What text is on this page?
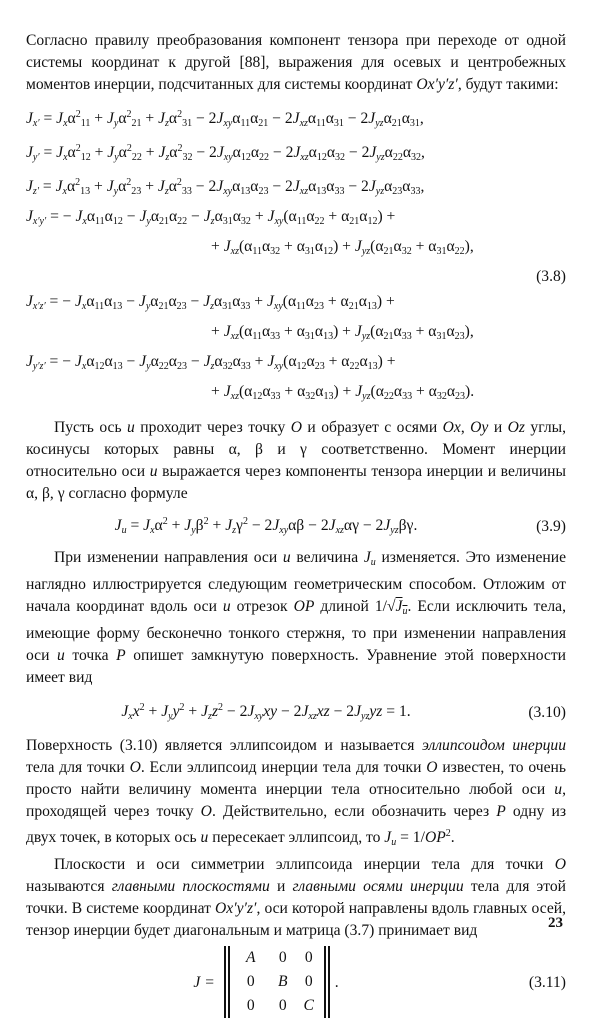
Согласно правилу преобразования компонент тензора при переходе от одной системы координат к другой [88], выражения для осевых и центробежных моментов инерции, подсчитанных для системы координат Ox′y′z′, будут такими:

$J_{x'} = J_x\alpha^2_{11} + J_y\alpha^2_{21} + J_z\alpha^2_{31} - 2J_{xy}\alpha_{11}\alpha_{21} - 2J_{xz}\alpha_{11}\alpha_{31} - 2J_{yz}\alpha_{21}\alpha_{31}$,
$J_{y'} = J_x\alpha^2_{12} + J_y\alpha^2_{22} + J_z\alpha^2_{32} - 2J_{xy}\alpha_{12}\alpha_{22} - 2J_{xz}\alpha_{12}\alpha_{32} - 2J_{yz}\alpha_{22}\alpha_{32}$,
$J_{z'} = J_x\alpha^2_{13} + J_y\alpha^2_{23} + J_z\alpha^2_{33} - 2J_{xy}\alpha_{13}\alpha_{23} - 2J_{xz}\alpha_{13}\alpha_{33} - 2J_{yz}\alpha_{23}\alpha_{33}$,
$J_{x'y'}$ = − $J_x\alpha_{11}\alpha_{12} - J_y\alpha_{21}\alpha_{22} - J_z\alpha_{31}\alpha_{32} + J_{xy}(\alpha_{11}\alpha_{22} + \alpha_{21}\alpha_{12})$ +
+ $J_{xz}(\alpha_{11}\alpha_{32} + \alpha_{31}\alpha_{12}) + J_{yz}(\alpha_{21}\alpha_{32} + \alpha_{31}\alpha_{22})$,
(3.8)
$J_{x'z'}$ = − $J_x\alpha_{11}\alpha_{13} - J_y\alpha_{21}\alpha_{23} - J_z\alpha_{31}\alpha_{33} + J_{xy}(\alpha_{11}\alpha_{23} + \alpha_{21}\alpha_{13})$ +
+ $J_{xz}(\alpha_{11}\alpha_{33} + \alpha_{31}\alpha_{13}) + J_{yz}(\alpha_{21}\alpha_{33} + \alpha_{31}\alpha_{23})$,
$J_{y'z'}$ = − $J_x\alpha_{12}\alpha_{13} - J_y\alpha_{22}\alpha_{23} - J_z\alpha_{32}\alpha_{33} + J_{xy}(\alpha_{12}\alpha_{23} + \alpha_{22}\alpha_{13})$ +
+ $J_{xz}(\alpha_{12}\alpha_{33} + \alpha_{32}\alpha_{13}) + J_{yz}(\alpha_{22}\alpha_{33} + \alpha_{32}\alpha_{23})$.

Пусть ось u проходит через точку O и образует с осями Ox, Oy и Oz углы, косинусы которых равны α, β и γ соответственно. Момент инерции относительно оси u выражается через компоненты тензора инерции и величины α, β, γ согласно формуле

$J_u = J_x\alpha^2 + J_y\beta^2 + J_z\gamma^2 - 2J_{xy}\alpha\beta - 2J_{xz}\alpha\gamma - 2J_{yz}\beta\gamma$.	(3.9)

При изменении направления оси u величина $J_u$ изменяется. Это изменение наглядно иллюстрируется следующим геометрическим способом. Отложим от начала координат вдоль оси u отрезок OP длиной $1/√J_u$. Если исключить тела, имеющие форму бесконечно тонкого стержня, то при изменении направления оси u точка P опишет замкнутую поверхность. Уравнение этой поверхности имеет вид

$J_xx^2 + J_yy^2 + J_zz^2 - 2J_{xy}xy - 2J_{xz}xz - 2J_{yz}yz = 1$.	(3.10)

Поверхность (3.10) является эллипсоидом и называется эллипсоидом инерции тела для точки O. Если эллипсоид инерции тела для точки O известен, то очень просто найти величину момента инерции тела относительно любой оси u, проходящей через точку O. Действительно, если обозначить через P одну из двух точек, в которых ось u пересекает эллипсоид, то $J_u = 1/OP^2$.

Плоскости и оси симметрии эллипсоида инерции тела для точки O называются главными плоскостями и главными осями инерции тела для этой точки. В системе координат Ox′y′z′, оси которой направлены вдоль главных осей, тензор инерции будет диагональным и матрица (3.7) принимает вид

J =
A	0	0
0	B	0
0	0	C
.	(3.11)
23
